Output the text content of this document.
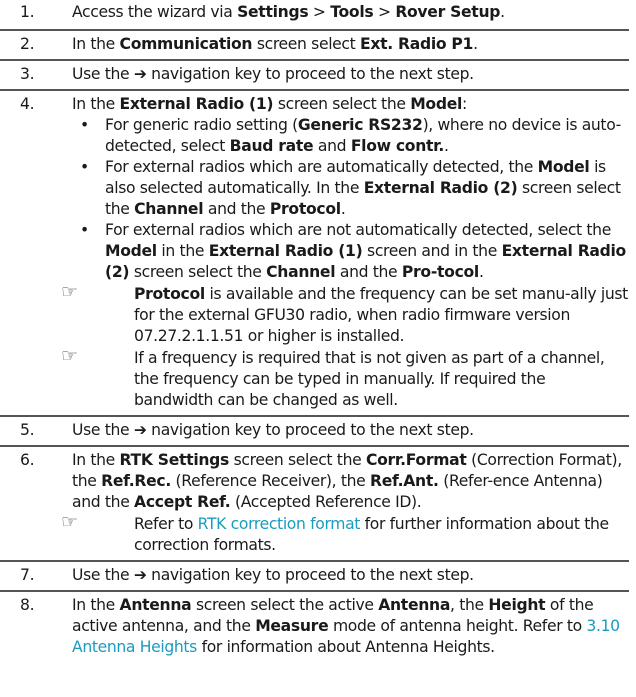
1. Access the wizard via Settings > Tools > Rover Setup.
2. In the Communication screen select Ext. Radio P1.
3. Use the ➔ navigation key to proceed to the next step.
4. In the External Radio (1) screen select the Model:
• For generic radio setting (Generic RS232), where no device is auto-detected, select Baud rate and Flow contr..
• For external radios which are automatically detected, the Model is also selected automatically. In the External Radio (2) screen select the Channel and the Protocol.
• For external radios which are not automatically detected, select the Model in the External Radio (1) screen and in the External Radio (2) screen select the Channel and the Pro-tocol.
☞	Protocol is available and the frequency can be set manu-ally just for the external GFU30 radio, when radio firmware version 07.27.2.1.1.51 or higher is installed.
☞	If a frequency is required that is not given as part of a channel, the frequency can be typed in manually. If required the bandwidth can be changed as well.
5. Use the ➔ navigation key to proceed to the next step.
6. In the RTK Settings screen select the Corr.Format (Correction Format), the Ref.Rec. (Reference Receiver), the Ref.Ant. (Refer-ence Antenna) and the Accept Ref. (Accepted Reference ID).
☞	Refer to RTK correction format for further information about the correction formats.
7. Use the ➔ navigation key to proceed to the next step.
8. In the Antenna screen select the active Antenna, the Height of the active antenna, and the Measure mode of antenna height. Refer to 3.10 Antenna Heights for information about Antenna Heights.
